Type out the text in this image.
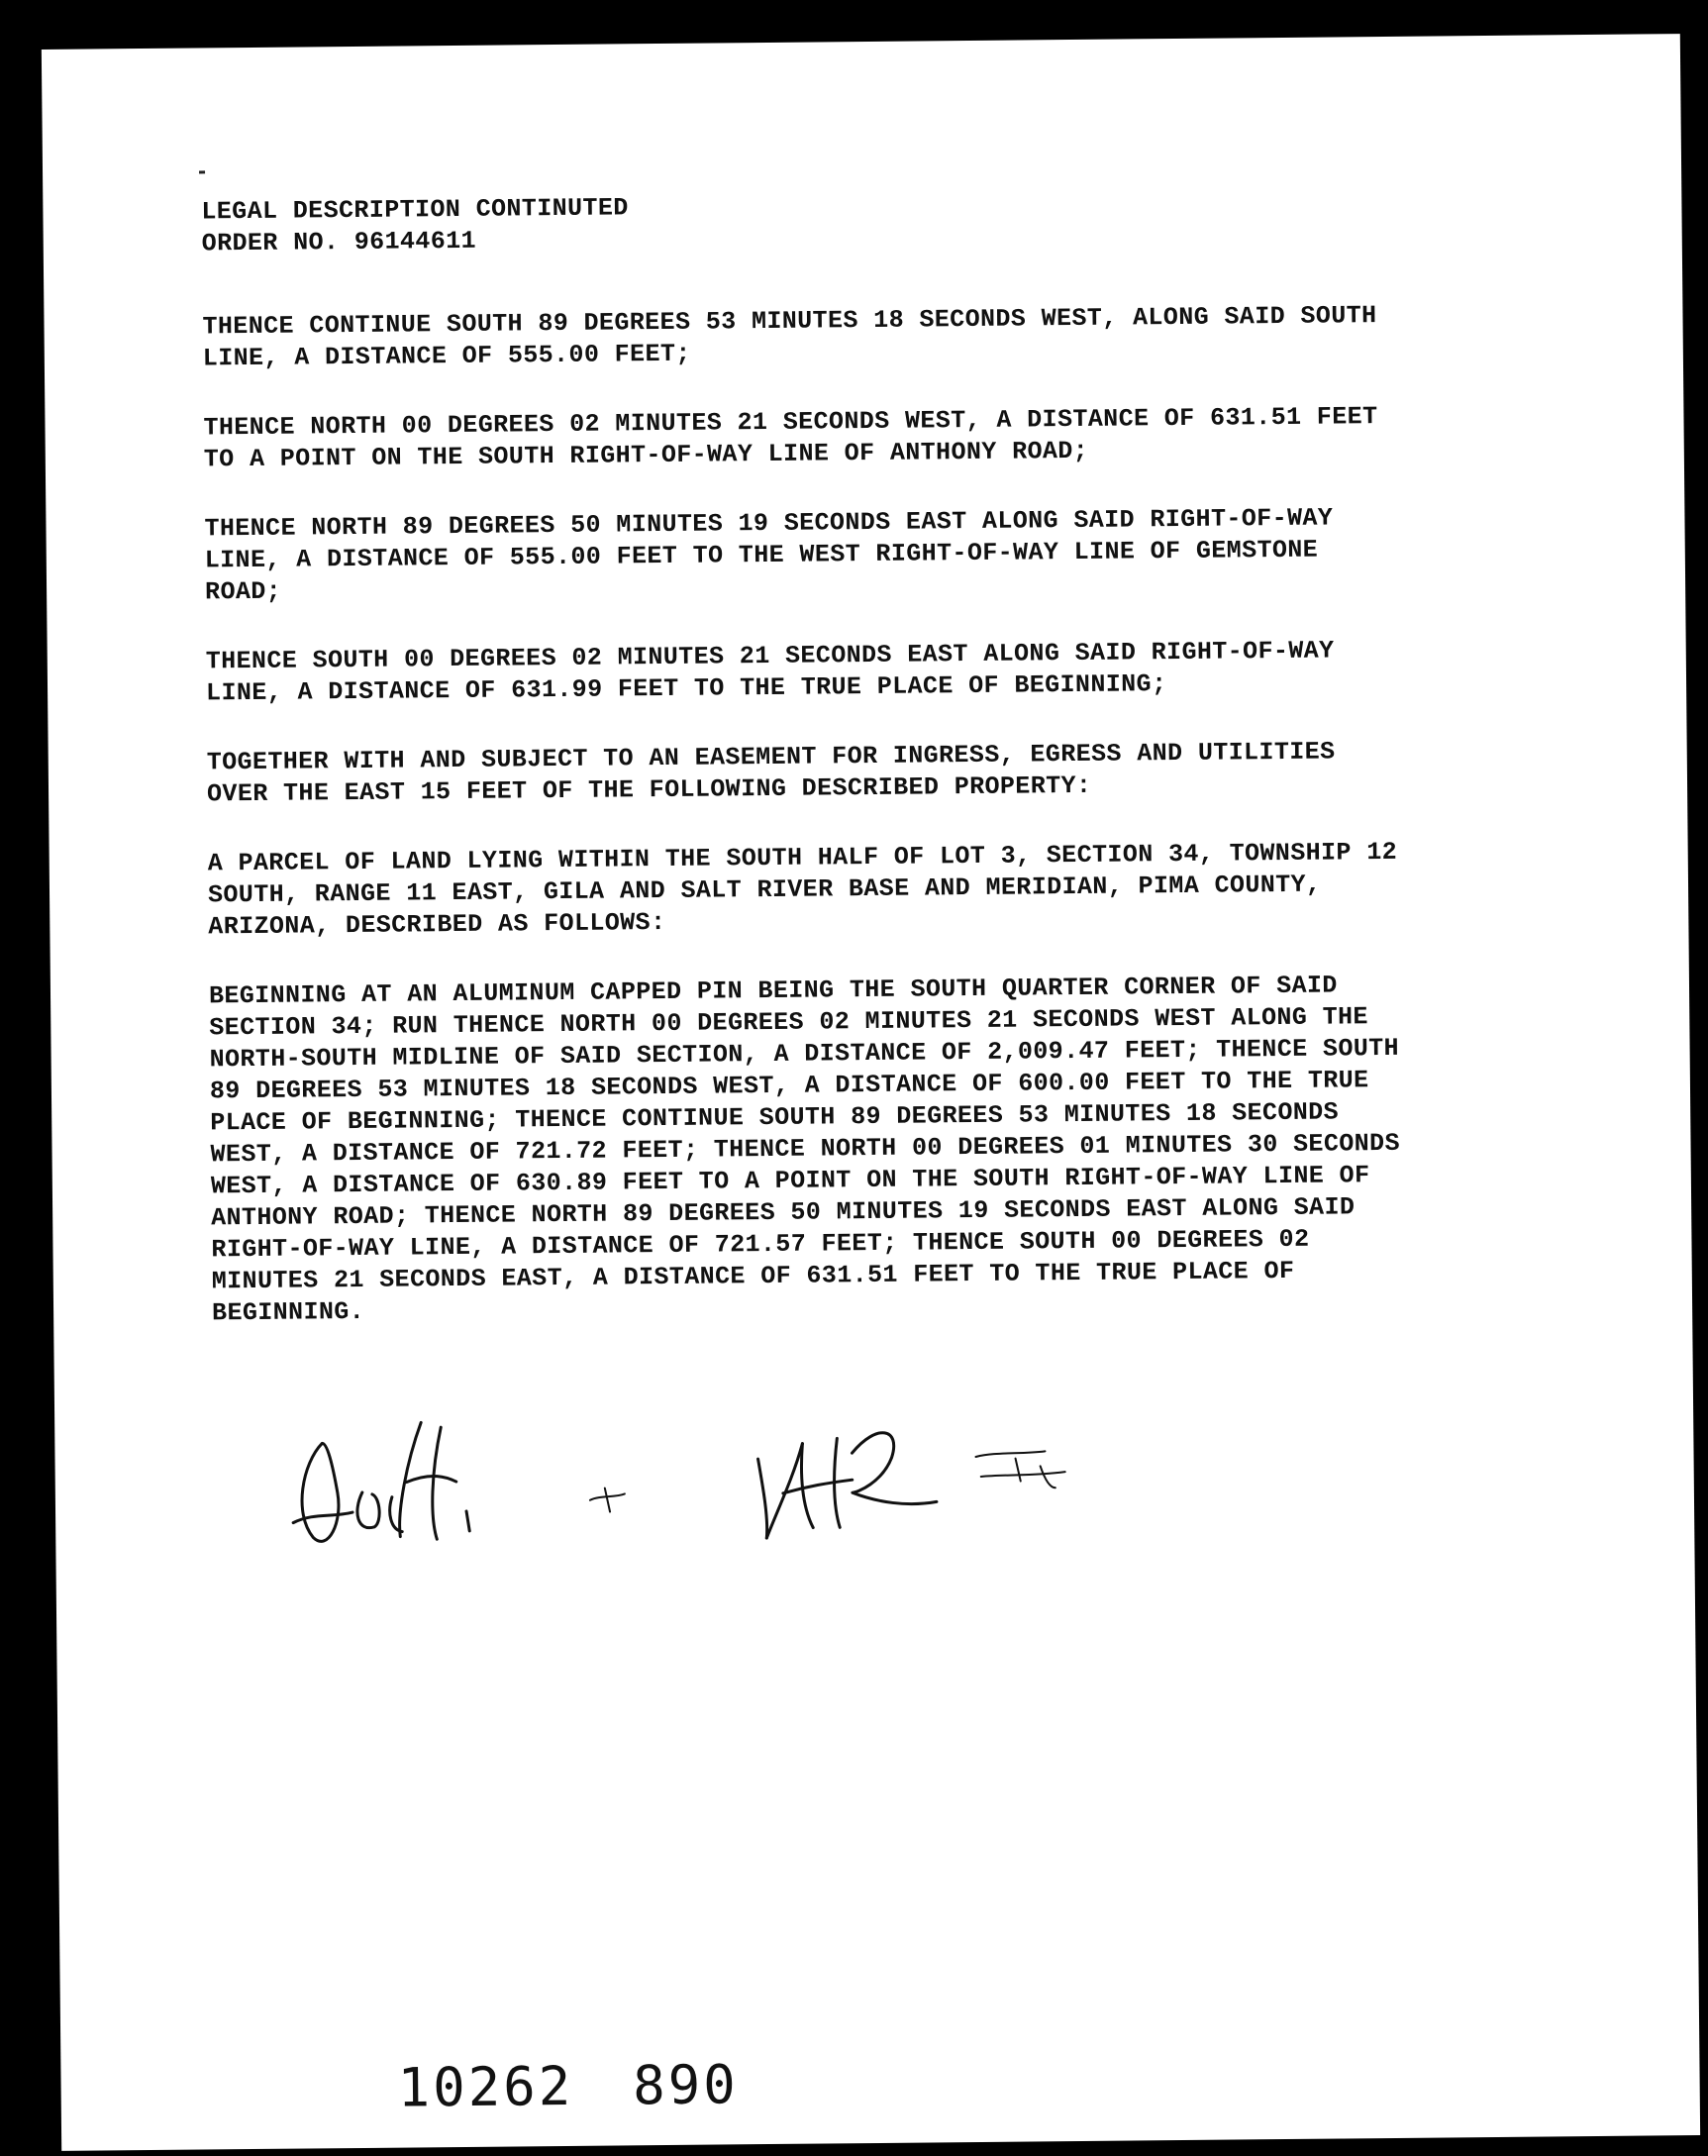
LEGAL DESCRIPTION CONTINUTED

ORDER NO. 96144611

THENCE CONTINUE SOUTH 89 DEGREES 53 MINUTES 18 SECONDS WEST, ALONG SAID SOUTH

LINE, A DISTANCE OF 555.00 FEET;

THENCE NORTH 00 DEGREES 02 MINUTES 21 SECONDS WEST, A DISTANCE OF 631.51 FEET

TO A POINT ON THE SOUTH RIGHT-OF-WAY LINE OF ANTHONY ROAD;

THENCE NORTH 89 DEGREES 50 MINUTES 19 SECONDS EAST ALONG SAID RIGHT-OF-WAY

LINE, A DISTANCE OF 555.00 FEET TO THE WEST RIGHT-OF-WAY LINE OF GEMSTONE

ROAD;

THENCE SOUTH 00 DEGREES 02 MINUTES 21 SECONDS EAST ALONG SAID RIGHT-OF-WAY

LINE, A DISTANCE OF 631.99 FEET TO THE TRUE PLACE OF BEGINNING;

TOGETHER WITH AND SUBJECT TO AN EASEMENT FOR INGRESS, EGRESS AND UTILITIES

OVER THE EAST 15 FEET OF THE FOLLOWING DESCRIBED PROPERTY:

A PARCEL OF LAND LYING WITHIN THE SOUTH HALF OF LOT 3, SECTION 34, TOWNSHIP 12

SOUTH, RANGE 11 EAST, GILA AND SALT RIVER BASE AND MERIDIAN, PIMA COUNTY,

ARIZONA, DESCRIBED AS FOLLOWS:

BEGINNING AT AN ALUMINUM CAPPED PIN BEING THE SOUTH QUARTER CORNER OF SAID

SECTION 34; RUN THENCE NORTH 00 DEGREES 02 MINUTES 21 SECONDS WEST ALONG THE

NORTH-SOUTH MIDLINE OF SAID SECTION, A DISTANCE OF 2,009.47 FEET; THENCE SOUTH

89 DEGREES 53 MINUTES 18 SECONDS WEST, A DISTANCE OF 600.00 FEET TO THE TRUE

PLACE OF BEGINNING; THENCE CONTINUE SOUTH 89 DEGREES 53 MINUTES 18 SECONDS

WEST, A DISTANCE OF 721.72 FEET; THENCE NORTH 00 DEGREES 01 MINUTES 30 SECONDS

WEST, A DISTANCE OF 630.89 FEET TO A POINT ON THE SOUTH RIGHT-OF-WAY LINE OF

ANTHONY ROAD; THENCE NORTH 89 DEGREES 50 MINUTES 19 SECONDS EAST ALONG SAID

RIGHT-OF-WAY LINE, A DISTANCE OF 721.57 FEET; THENCE SOUTH 00 DEGREES 02

MINUTES 21 SECONDS EAST, A DISTANCE OF 631.51 FEET TO THE TRUE PLACE OF

BEGINNING.

10262 890
